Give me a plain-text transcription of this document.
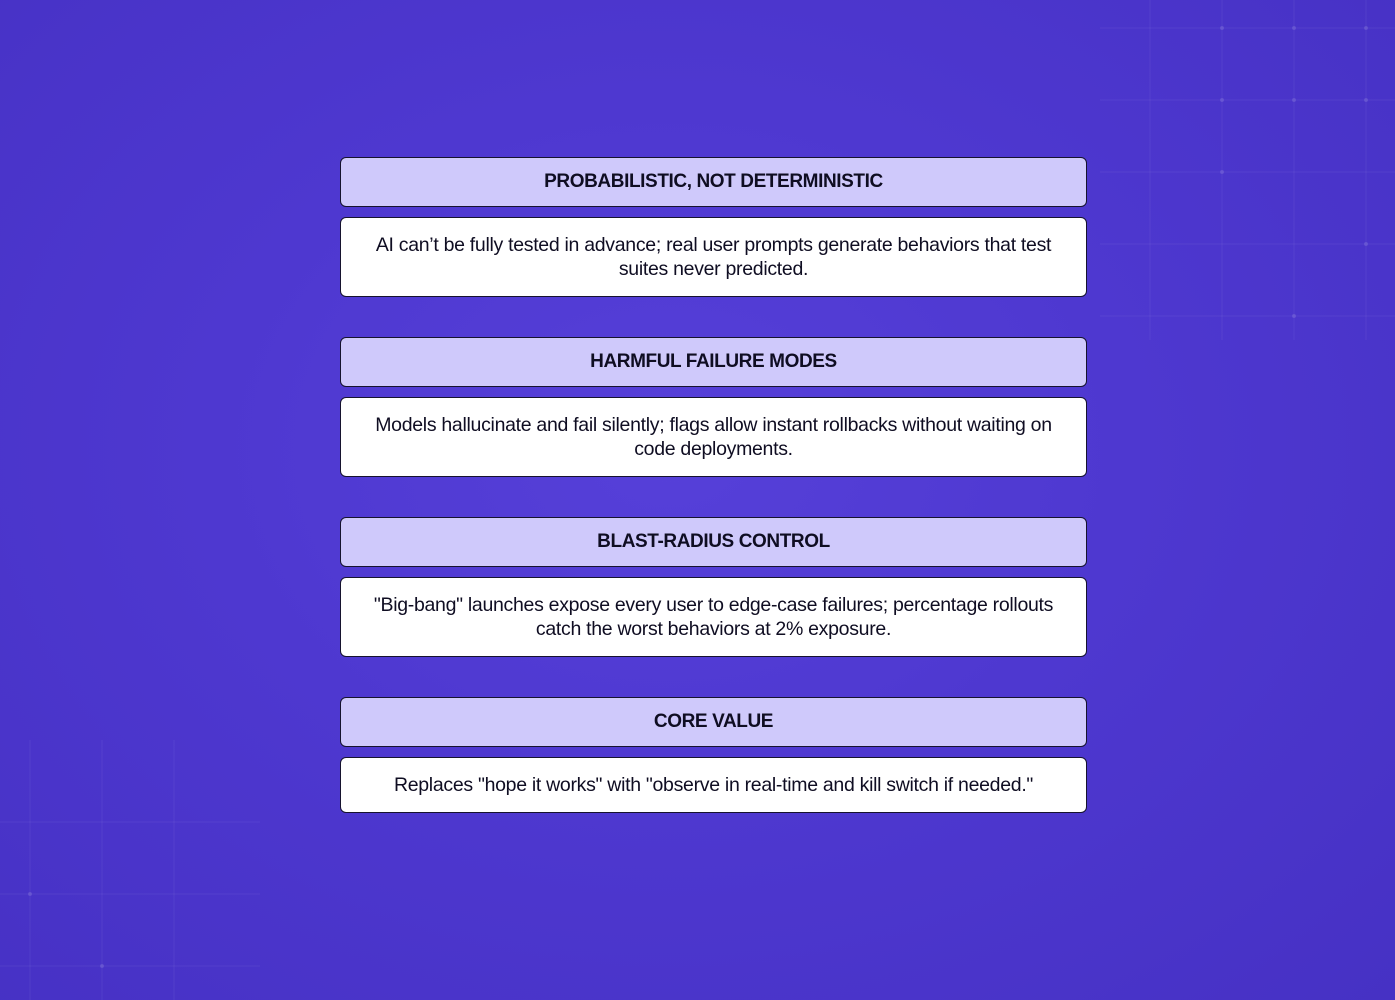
PROBABILISTIC, NOT DETERMINISTIC
AI can’t be fully tested in advance; real user prompts generate behaviors that test suites never predicted.
HARMFUL FAILURE MODES
Models hallucinate and fail silently; flags allow instant rollbacks without waiting on code deployments.
BLAST-RADIUS CONTROL
"Big-bang" launches expose every user to edge-case failures; percentage rollouts catch the worst behaviors at 2% exposure.
CORE VALUE
Replaces "hope it works" with "observe in real-time and kill switch if needed."
